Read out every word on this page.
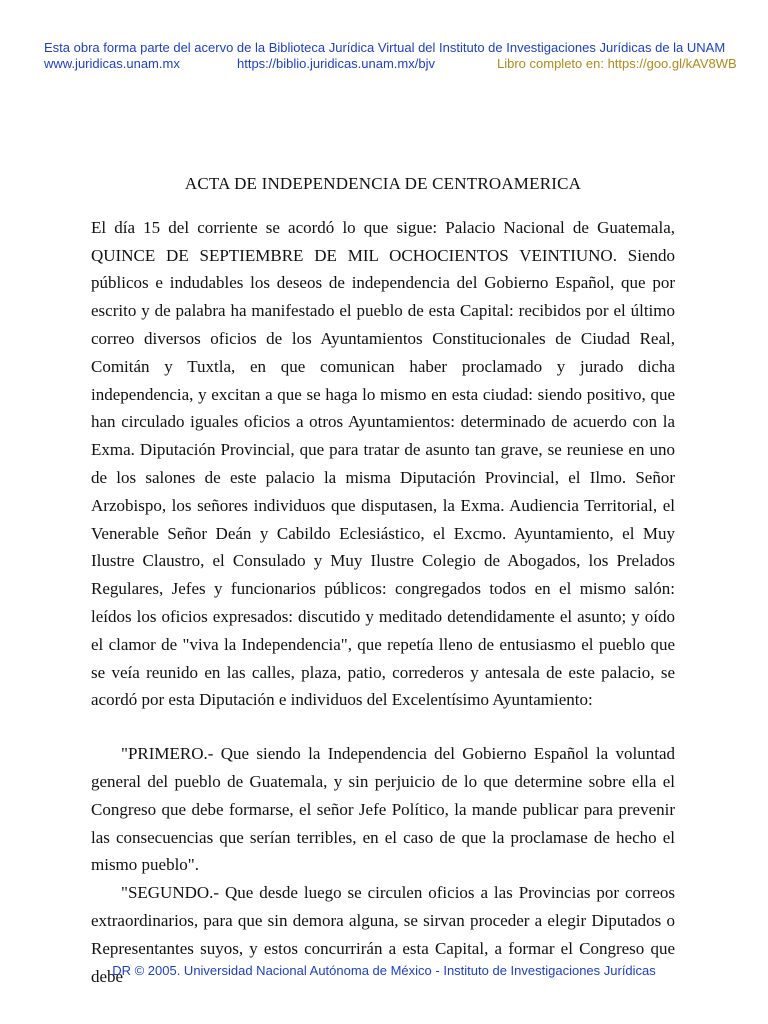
Esta obra forma parte del acervo de la Biblioteca Jurídica Virtual del Instituto de Investigaciones Jurídicas de la UNAM
www.juridicas.unam.mx	https://biblio.juridicas.unam.mx/bjv	Libro completo en: https://goo.gl/kAV8WB
ACTA DE INDEPENDENCIA DE CENTROAMERICA

El día 15 del corriente se acordó lo que sigue: Palacio Nacional de Guatemala, QUINCE DE SEPTIEMBRE DE MIL OCHOCIENTOS VEINTIUNO. Siendo públicos e indudables los deseos de independencia del Gobierno Español, que por escrito y de palabra ha manifestado el pueblo de esta Capital: recibidos por el último correo diversos oficios de los Ayuntamientos Constitucionales de Ciudad Real, Comitán y Tuxtla, en que comunican haber proclamado y jurado dicha independencia, y excitan a que se haga lo mismo en esta ciudad: siendo positivo, que han circulado iguales oficios a otros Ayuntamientos: determinado de acuerdo con la Exma. Diputación Provincial, que para tratar de asunto tan grave, se reuniese en uno de los salones de este palacio la misma Diputación Provincial, el Ilmo. Señor Arzobispo, los señores individuos que disputasen, la Exma. Audiencia Territorial, el Venerable Señor Deán y Cabildo Eclesiástico, el Excmo. Ayuntamiento, el Muy Ilustre Claustro, el Consulado y Muy Ilustre Colegio de Abogados, los Prelados Regulares, Jefes y funcionarios públicos: congregados todos en el mismo salón: leídos los oficios expresados: discutido y meditado detendidamente el asunto; y oído el clamor de "viva la Independencia", que repetía lleno de entusiasmo el pueblo que se veía reunido en las calles, plaza, patio, correderos y antesala de este palacio, se acordó por esta Diputación e individuos del Excelentísimo Ayuntamiento:

"PRIMERO.- Que siendo la Independencia del Gobierno Español la voluntad general del pueblo de Guatemala, y sin perjuicio de lo que determine sobre ella el Congreso que debe formarse, el señor Jefe Político, la mande publicar para prevenir las consecuencias que serían terribles, en el caso de que la proclamase de hecho el mismo pueblo".

"SEGUNDO.- Que desde luego se circulen oficios a las Provincias por correos extraordinarios, para que sin demora alguna, se sirvan proceder a elegir Diputados o Representantes suyos, y estos concurrirán a esta Capital, a formar el Congreso que debe

DR © 2005. Universidad Nacional Autónoma de México - Instituto de Investigaciones Jurídicas
